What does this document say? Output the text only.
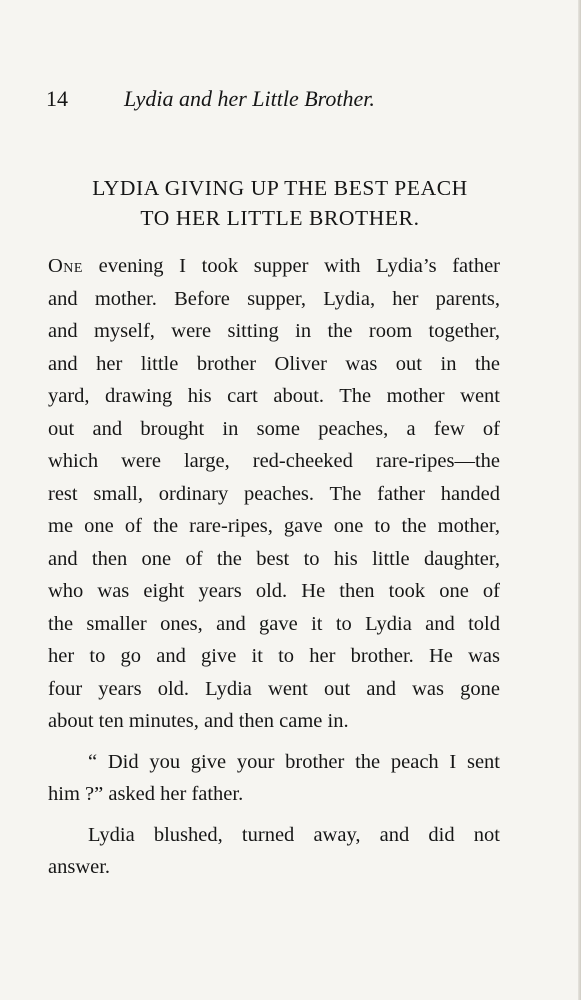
14	Lydia and her Little Brother.
LYDIA GIVING UP THE BEST PEACH
TO HER LITTLE BROTHER.
One evening I took supper with Lydia’s father
and mother. Before supper, Lydia, her parents,
and myself, were sitting in the room together,
and her little brother Oliver was out in the
yard, drawing his cart about. The mother went
out and brought in some peaches, a few of
which were large, red-cheeked rare-ripes—the
rest small, ordinary peaches. The father handed
me one of the rare-ripes, gave one to the mother,
and then one of the best to his little daughter,
who was eight years old. He then took one of
the smaller ones, and gave it to Lydia and told
her to go and give it to her brother. He was
four years old. Lydia went out and was gone
about ten minutes, and then came in.
“ Did you give your brother the peach I sent
him ?” asked her father.
Lydia blushed, turned away, and did not
answer.
